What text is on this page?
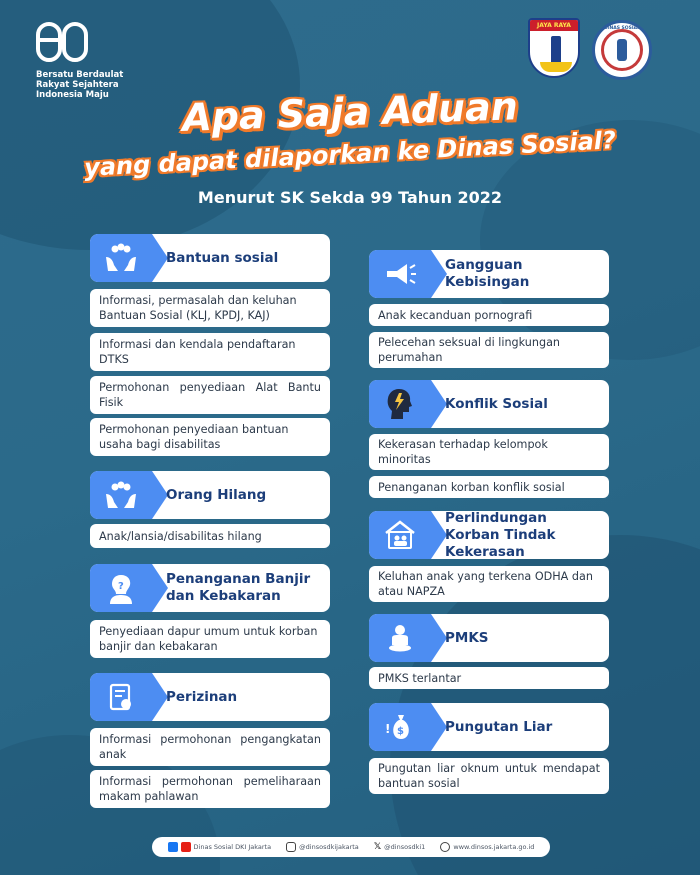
Bersatu Berdaulat
Rakyat Sejahtera
Indonesia Maju
JAYA RAYA	DINAS SOSIAL
Apa Saja Aduan
yang dapat dilaporkan ke Dinas Sosial?
Menurut SK Sekda 99 Tahun 2022
Bantuan sosial
Informasi, permasalah dan keluhan Bantuan Sosial (KLJ, KPDJ, KAJ)
Informasi dan kendala pendaftaran DTKS
Permohonan penyediaan Alat Bantu Fisik
Permohonan penyediaan bantuan usaha bagi disabilitas
Orang Hilang
Anak/lansia/disabilitas hilang
?	Penanganan Banjir dan Kebakaran
Penyediaan dapur umum untuk korban banjir dan kebakaran
Perizinan
Informasi permohonan pengangkatan anak
Informasi permohonan pemeliharaan makam pahlawan
Gangguan Kebisingan
Anak kecanduan pornografi
Pelecehan seksual di lingkungan perumahan
Konflik Sosial
Kekerasan terhadap kelompok minoritas
Penanganan korban konflik sosial
Perlindungan Korban Tindak Kekerasan
Keluhan anak yang terkena ODHA dan atau NAPZA
PMKS
PMKS terlantar
$
!	Pungutan Liar
Pungutan liar oknum untuk mendapat bantuan sosial
Dinas Sosial DKI Jakarta	@dinsosdkijakarta 𝕏 @dinsosdki1	www.dinsos.jakarta.go.id
